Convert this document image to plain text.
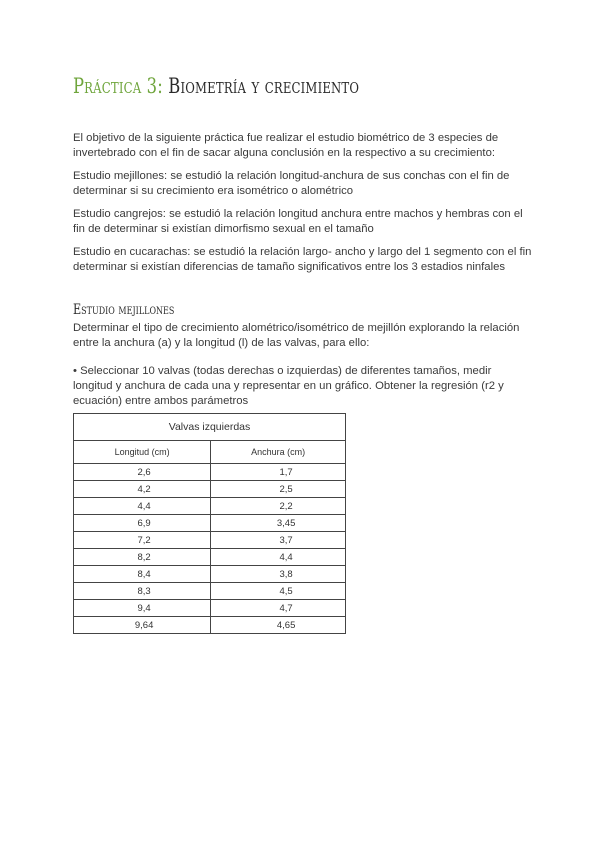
Práctica 3: Biometría y crecimiento

El objetivo de la siguiente práctica fue realizar el estudio biométrico de 3 especies de invertebrado con el fin de sacar alguna conclusión en la respectivo a su crecimiento:

Estudio mejillones: se estudió la relación longitud-anchura de sus conchas con el fin de determinar si su crecimiento era isométrico o alométrico

Estudio cangrejos: se estudió la relación longitud anchura entre machos y hembras con el fin de determinar si existían dimorfismo sexual en el tamaño

Estudio en cucarachas: se estudió la relación largo- ancho y largo del 1 segmento con el fin determinar si existían diferencias de tamaño significativos entre los 3 estadios ninfales

Estudio mejillones

Determinar el tipo de crecimiento alométrico/isométrico de mejillón explorando la relación entre la anchura (a) y la longitud (l) de las valvas, para ello:

• Seleccionar 10 valvas (todas derechas o izquierdas) de diferentes tamaños, medir longitud y anchura de cada una y representar en un gráfico. Obtener la regresión (r2 y ecuación) entre ambos parámetros

Valvas izquierdas	
Longitud (cm)	Anchura (cm)
2,6	1,7
4,2	2,5
4,4	2,2
6,9	3,45
7,2	3,7
8,2	4,4
8,4	3,8
8,3	4,5
9,4	4,7
9,64	4,65
